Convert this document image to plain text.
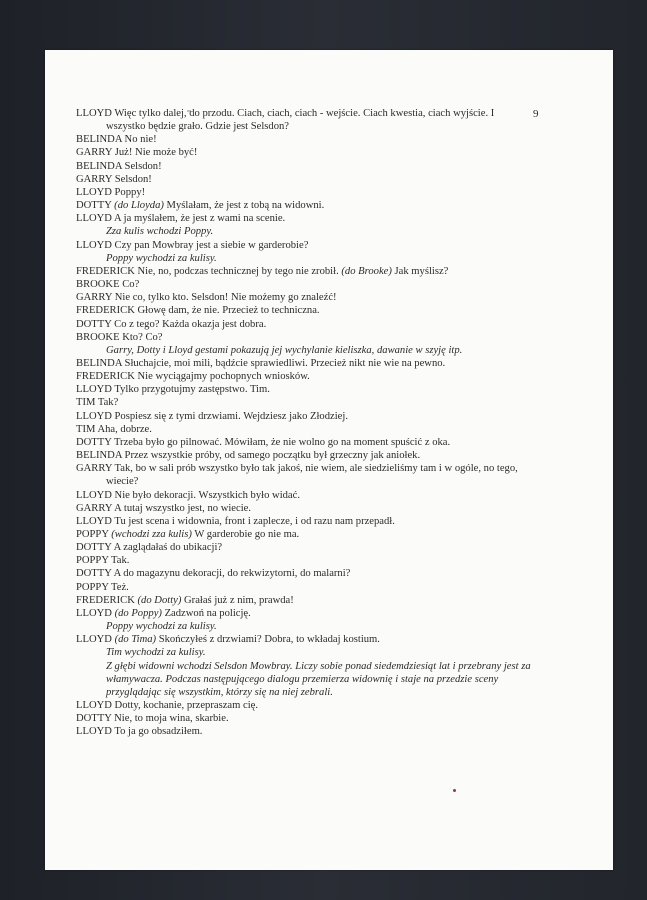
9
LLOYD Więc tylko dalej, do przodu. Ciach, ciach, ciach - wejście. Ciach kwestia, ciach wyjście. I wszystko będzie grało. Gdzie jest Selsdon?
BELINDA No nie!
GARRY Już! Nie może być!
BELINDA Selsdon!
GARRY Selsdon!
LLOYD Poppy!
DOTTY (do Lloyda) Myślałam, że jest z tobą na widowni.
LLOYD A ja myślałem, że jest z wami na scenie.
Zza kulis wchodzi Poppy.
LLOYD Czy pan Mowbray jest a siebie w garderobie?
Poppy wychodzi za kulisy.
FREDERICK Nie, no, podczas technicznej by tego nie zrobił. (do Brooke) Jak myślisz?
BROOKE Co?
GARRY Nie co, tylko kto. Selsdon! Nie możemy go znaleźć!
FREDERICK Głowę dam, że nie. Przecież to techniczna.
DOTTY Co z tego? Każda okazja jest dobra.
BROOKE Kto? Co?
Garry, Dotty i Lloyd gestami pokazują jej wychylanie kieliszka, dawanie w szyję itp.
BELINDA Słuchajcie, moi mili, bądźcie sprawiedliwi. Przecież nikt nie wie na pewno.
FREDERICK Nie wyciągajmy pochopnych wniosków.
LLOYD Tylko przygotujmy zastępstwo. Tim.
TIM Tak?
LLOYD Pospiesz się z tymi drzwiami. Wejdziesz jako Złodziej.
TIM Aha, dobrze.
DOTTY Trzeba było go pilnować. Mówiłam, że nie wolno go na moment spuścić z oka.
BELINDA Przez wszystkie próby, od samego początku był grzeczny jak aniołek.
GARRY Tak, bo w sali prób wszystko było tak jakoś, nie wiem, ale siedzieliśmy tam i w ogóle, no tego, wiecie?
LLOYD Nie było dekoracji. Wszystkich było widać.
GARRY A tutaj wszystko jest, no wiecie.
LLOYD Tu jest scena i widownia, front i zaplecze, i od razu nam przepadł.
POPPY (wchodzi zza kulis) W garderobie go nie ma.
DOTTY A zaglądałaś do ubikacji?
POPPY Tak.
DOTTY A do magazynu dekoracji, do rekwizytorni, do malarni?
POPPY Też.
FREDERICK (do Dotty) Grałaś już z nim, prawda!
LLOYD (do Poppy) Zadzwoń na policję.
Poppy wychodzi za kulisy.
LLOYD (do Tima) Skończyłeś z drzwiami? Dobra, to wkładaj kostium.
Tim wychodzi za kulisy.
Z głębi widowni wchodzi Selsdon Mowbray. Liczy sobie ponad siedemdziesiąt lat i przebrany jest za włamywacza. Podczas następującego dialogu przemierza widownię i staje na przedzie sceny przyglądając się wszystkim, którzy się na niej zebrali.
LLOYD Dotty, kochanie, przepraszam cię.
DOTTY Nie, to moja wina, skarbie.
LLOYD To ja go obsadziłem.
